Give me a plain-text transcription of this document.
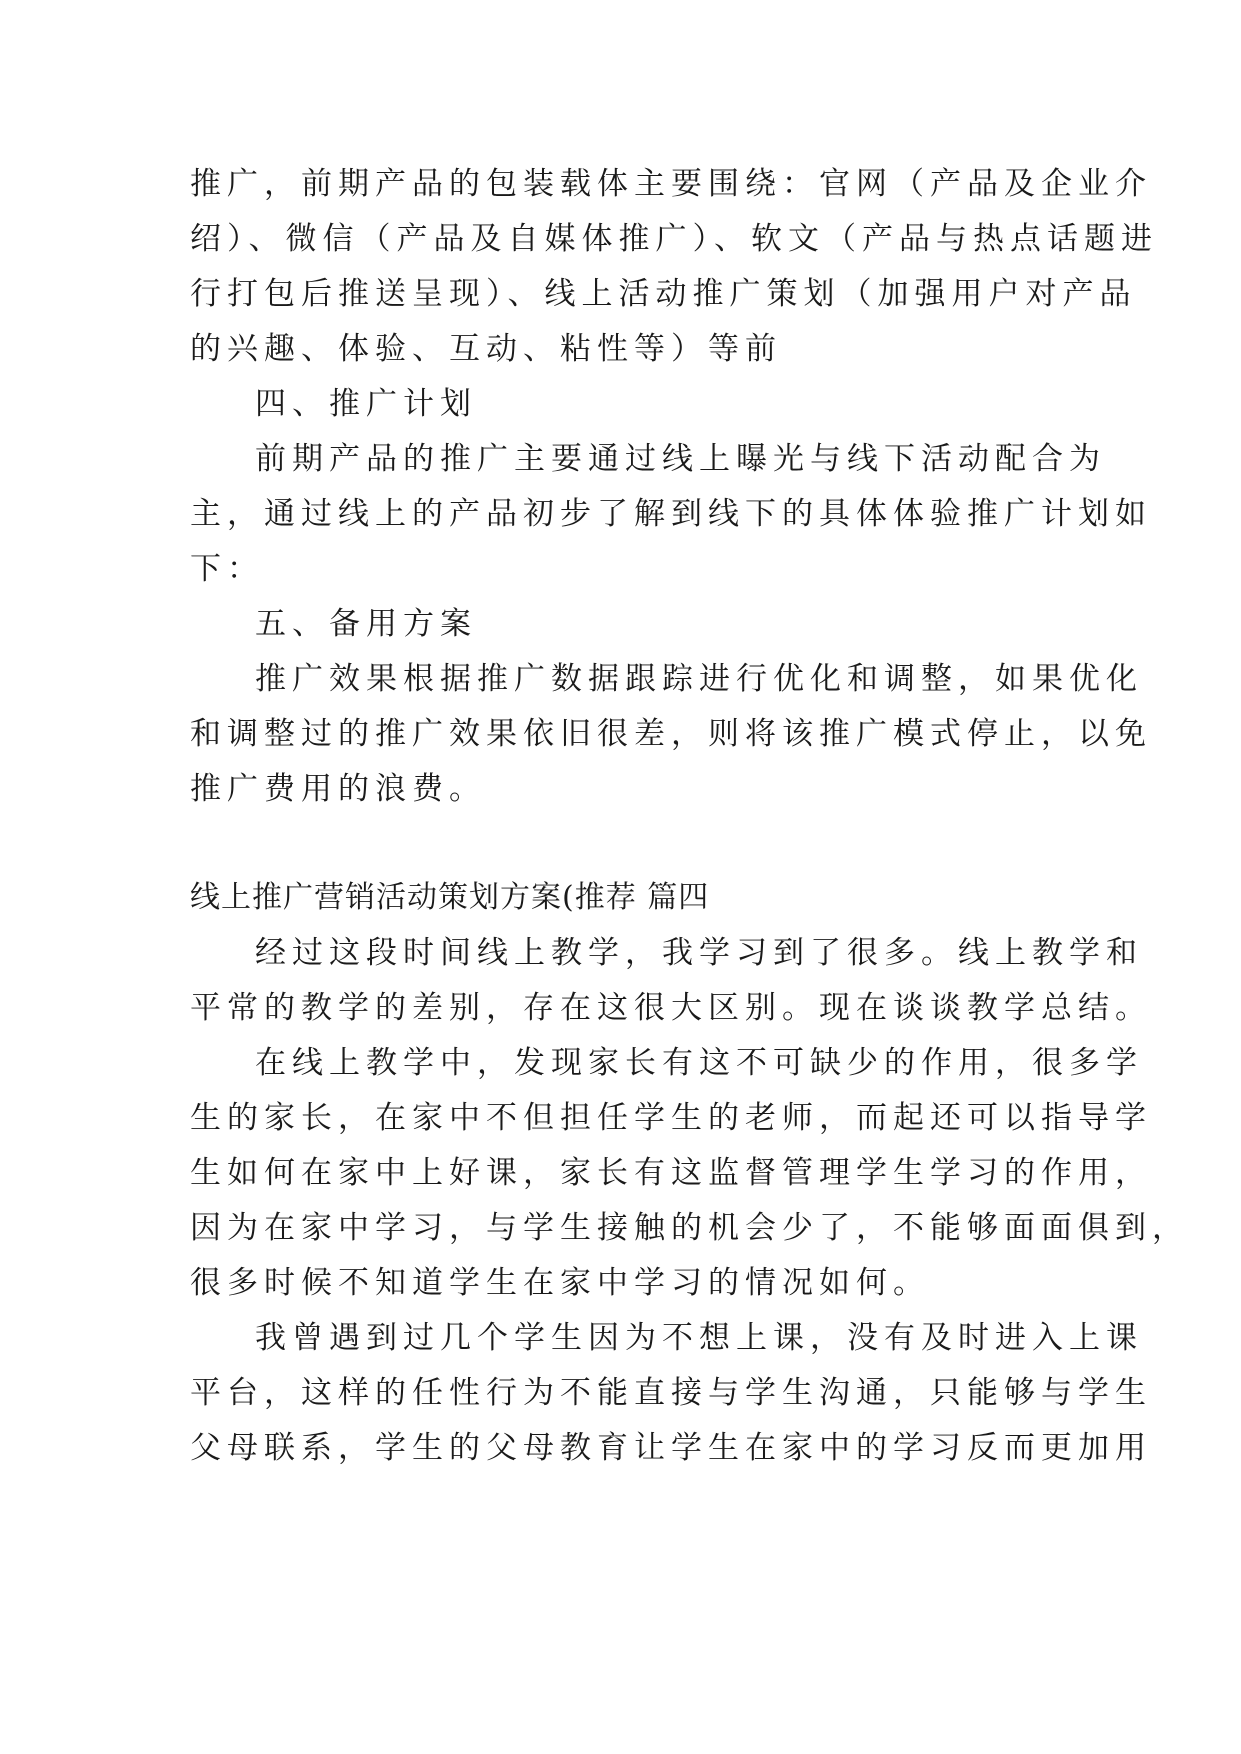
推广，前期产品的包装载体主要围绕：官网（产品及企业介
绍）、微信（产品及自媒体推广）、软文（产品与热点话题进
行打包后推送呈现）、线上活动推广策划（加强用户对产品
的兴趣、体验、互动、粘性等）等前
四、推广计划
前期产品的推广主要通过线上曝光与线下活动配合为
主，通过线上的产品初步了解到线下的具体体验推广计划如
下：
五、备用方案
推广效果根据推广数据跟踪进行优化和调整，如果优化
和调整过的推广效果依旧很差，则将该推广模式停止，以免
推广费用的浪费。
线上推广营销活动策划方案(推荐 篇四
经过这段时间线上教学，我学习到了很多。线上教学和
平常的教学的差别，存在这很大区别。现在谈谈教学总结。
在线上教学中，发现家长有这不可缺少的作用，很多学
生的家长，在家中不但担任学生的老师，而起还可以指导学
生如何在家中上好课，家长有这监督管理学生学习的作用，
因为在家中学习，与学生接触的机会少了，不能够面面俱到，
很多时候不知道学生在家中学习的情况如何。
我曾遇到过几个学生因为不想上课，没有及时进入上课
平台，这样的任性行为不能直接与学生沟通，只能够与学生
父母联系，学生的父母教育让学生在家中的学习反而更加用
